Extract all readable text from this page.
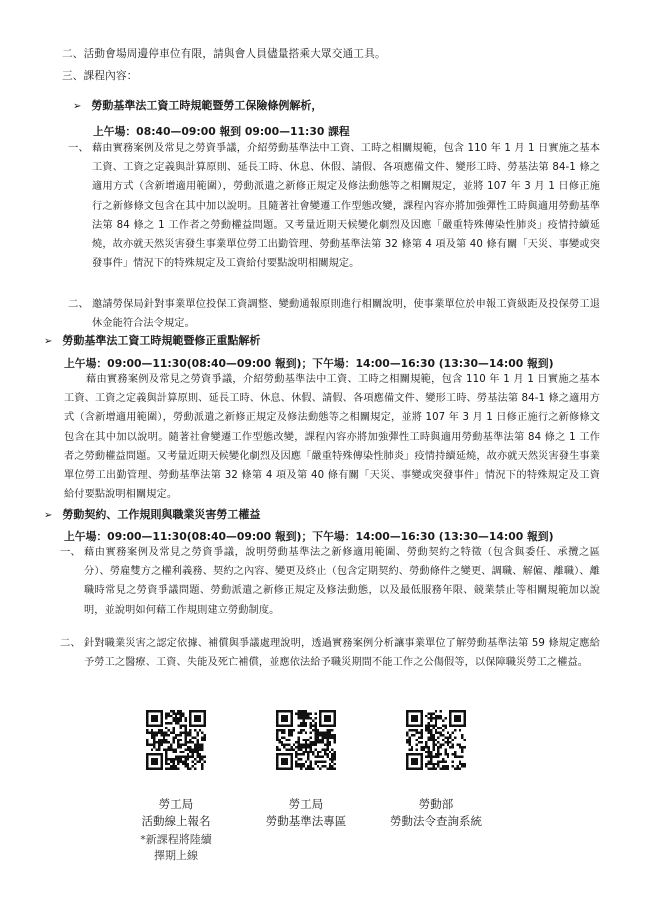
二、活動會場周邊停車位有限，請與會人員儘量搭乘大眾交通工具。
三、課程內容：
➢ 勞動基準法工資工時規範暨勞工保險條例解析，
上午場：08:40—09:00 報到 09:00—11:30 課程
一、 藉由實務案例及常見之勞資爭議，介紹勞動基準法中工資、工時之相關規範，包含 110 年 1 月 1 日實施之基本工資、工資之定義與計算原則、延長工時、休息、休假、請假、各項應備文件、變形工時、勞基法第 84-1 條之適用方式（含新增適用範圍），勞動派遣之新修正規定及修法動態等之相關規定，並將 107 年 3 月 1 日修正施行之新修條文包含在其中加以說明。且隨著社會變遷工作型態改變，課程內容亦將加強彈性工時與適用勞動基準法第 84 條之 1 工作者之勞動權益問題。又考量近期天候變化劇烈及因應「嚴重特殊傳染性肺炎」疫情持續延燒，故亦就天然災害發生事業單位勞工出勤管理、勞動基準法第 32 條第 4 項及第 40 條有關「天災、事變或突發事件」情況下的特殊規定及工資給付要點說明相關規定。
二、 邀請勞保局針對事業單位投保工資調整、變動通報原則進行相關說明，使事業單位於申報工資級距及投保勞工退休金能符合法令規定。
➢ 勞動基準法工資工時規範暨修正重點解析
上午場：09:00—11:30(08:40—09:00 報到)；下午場：14:00—16:30 (13:30—14:00 報到)
藉由實務案例及常見之勞資爭議，介紹勞動基準法中工資、工時之相關規範，包含 110 年 1 月 1 日實施之基本工資、工資之定義與計算原則、延長工時、休息、休假、請假、各項應備文件、變形工時、勞基法第 84-1 條之適用方式（含新增適用範圍），勞動派遣之新修正規定及修法動態等之相關規定，並將 107 年 3 月 1 日修正施行之新修條文包含在其中加以說明。隨著社會變遷工作型態改變，課程內容亦將加強彈性工時與適用勞動基準法第 84 條之 1 工作者之勞動權益問題。又考量近期天候變化劇烈及因應「嚴重特殊傳染性肺炎」疫情持續延燒，故亦就天然災害發生事業單位勞工出勤管理、勞動基準法第 32 條第 4 項及第 40 條有關「天災、事變或突發事件」情況下的特殊規定及工資給付要點說明相關規定。
➢ 勞動契約、工作規則與職業災害勞工權益
上午場：09:00—11:30(08:40—09:00 報到)；下午場：14:00—16:30 (13:30—14:00 報到)
一、 藉由實務案例及常見之勞資爭議，說明勞動基準法之新修適用範圍、勞動契約之特徵（包含與委任、承攬之區分）、勞雇雙方之權利義務、契約之內容、變更及終止（包含定期契約、勞動條件之變更、調職、解僱、離職）、離職時常見之勞資爭議問題、勞動派遣之新修正規定及修法動態，以及最低服務年限、競業禁止等相關規範加以說明，並說明如何藉工作規則建立勞動制度。
二、 針對職業災害之認定依據、補償與爭議處理說明，透過實務案例分析讓事業單位了解勞動基準法第 59 條規定應給予勞工之醫療、工資、失能及死亡補償，並應依法給予職災期間不能工作之公傷假等，以保障職災勞工之權益。
勞工局
活動線上報名
*新課程將陸續
擇期上線
勞工局
勞動基準法專區
勞動部
勞動法令查詢系統
